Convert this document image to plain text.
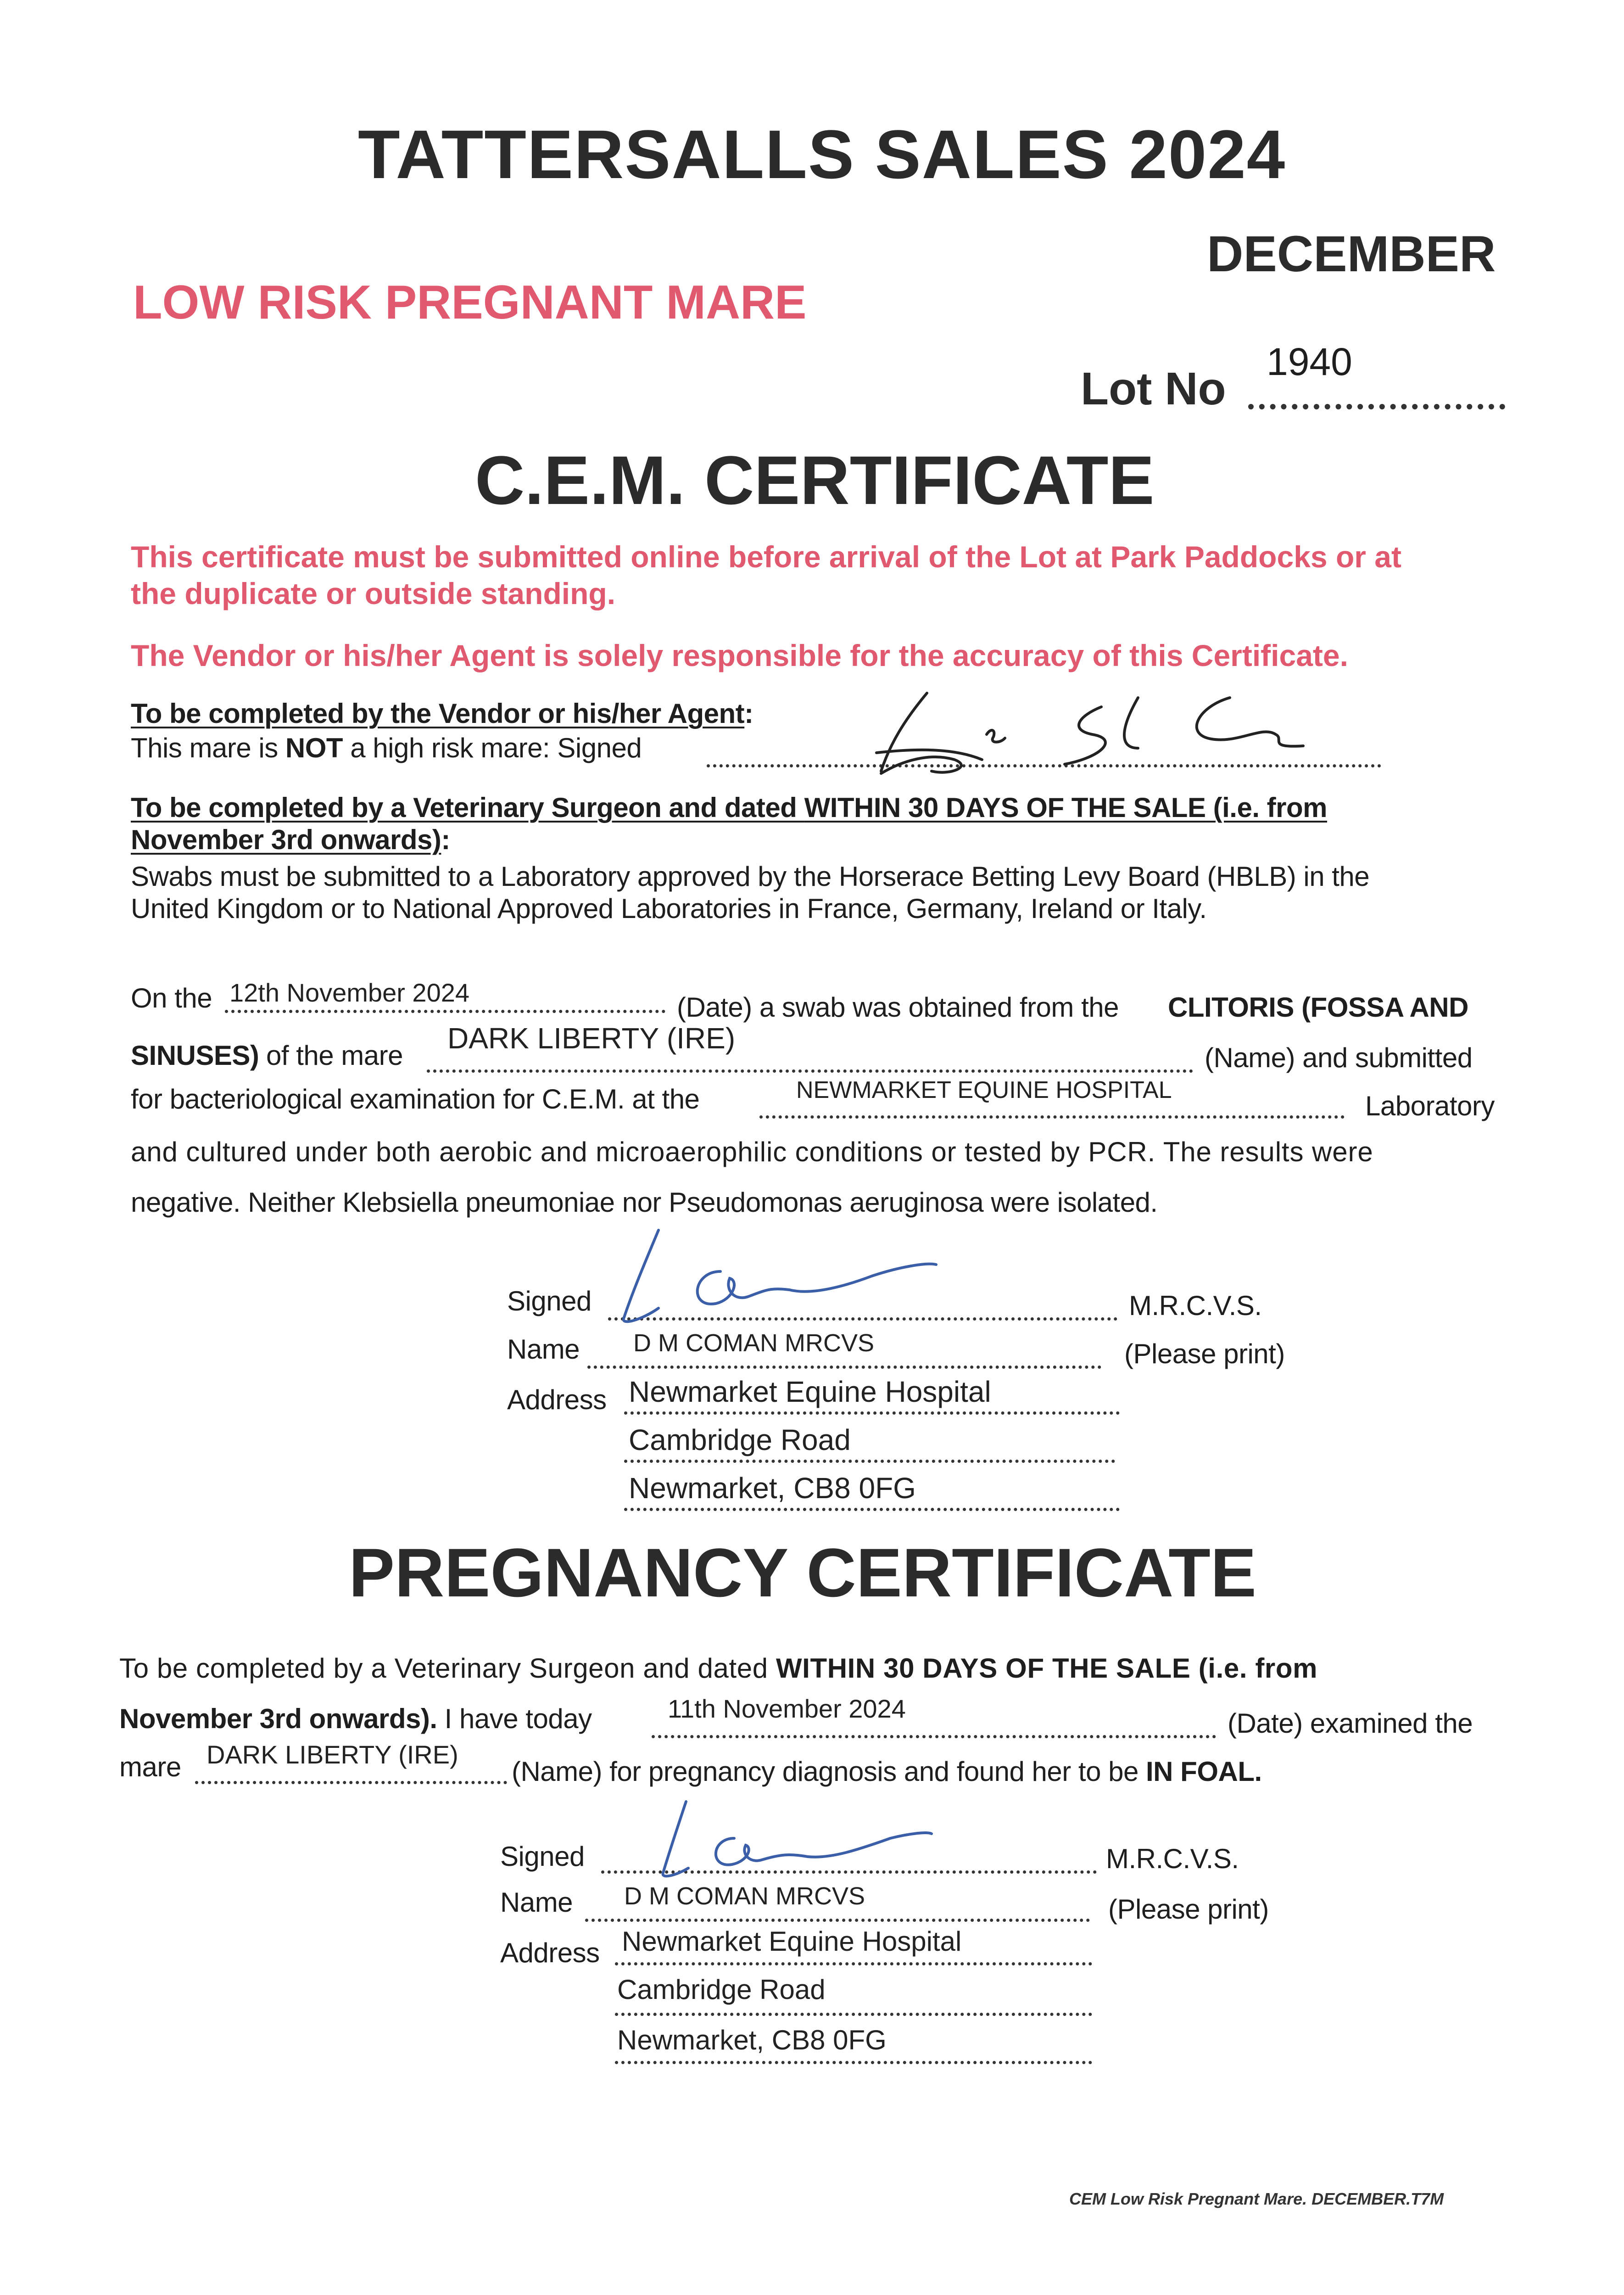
TATTERSALLS SALES 2024
DECEMBER
LOW RISK PREGNANT MARE
Lot No
1940
C.E.M. CERTIFICATE
This certificate must be submitted online before arrival of the Lot at Park Paddocks or at
the duplicate or outside standing.
The Vendor or his/her Agent is solely responsible for the accuracy of this Certificate.
To be completed by the Vendor or his/her Agent:
This mare is NOT a high risk mare: Signed
To be completed by a Veterinary Surgeon and dated WITHIN 30 DAYS OF THE SALE (i.e. from
November 3rd onwards):
Swabs must be submitted to a Laboratory approved by the Horserace Betting Levy Board (HBLB) in the
United Kingdom or to National Approved Laboratories in France, Germany, Ireland or Italy.
On the 12th November 2024	(Date) a swab was obtained from the CLITORIS (FOSSA AND
SINUSES) of the mare
DARK LIBERTY (IRE)
(Name) and submitted
for bacteriological examination for C.E.M. at the	NEWMARKET EQUINE HOSPITAL
Laboratory
and cultured under both aerobic and microaerophilic conditions or tested by PCR. The results were
negative. Neither Klebsiella pneumoniae nor Pseudomonas aeruginosa were isolated.
Signed	M.R.C.V.S.
Name D M COMAN MRCVS	(Please print)
Address Newmarket Equine Hospital
Cambridge Road
Newmarket, CB8 0FG
PREGNANCY CERTIFICATE
To be completed by a Veterinary Surgeon and dated WITHIN 30 DAYS OF THE SALE (i.e. from
November 3rd onwards). I have today	11th November 2024	(Date) examined the
mare DARK LIBERTY (IRE)
(Name) for pregnancy diagnosis and found her to be IN FOAL.
Signed	M.R.C.V.S.
Name D M COMAN MRCVS	(Please print)
Address Newmarket Equine Hospital
Cambridge Road
Newmarket, CB8 0FG
CEM Low Risk Pregnant Mare. DECEMBER.T7M
